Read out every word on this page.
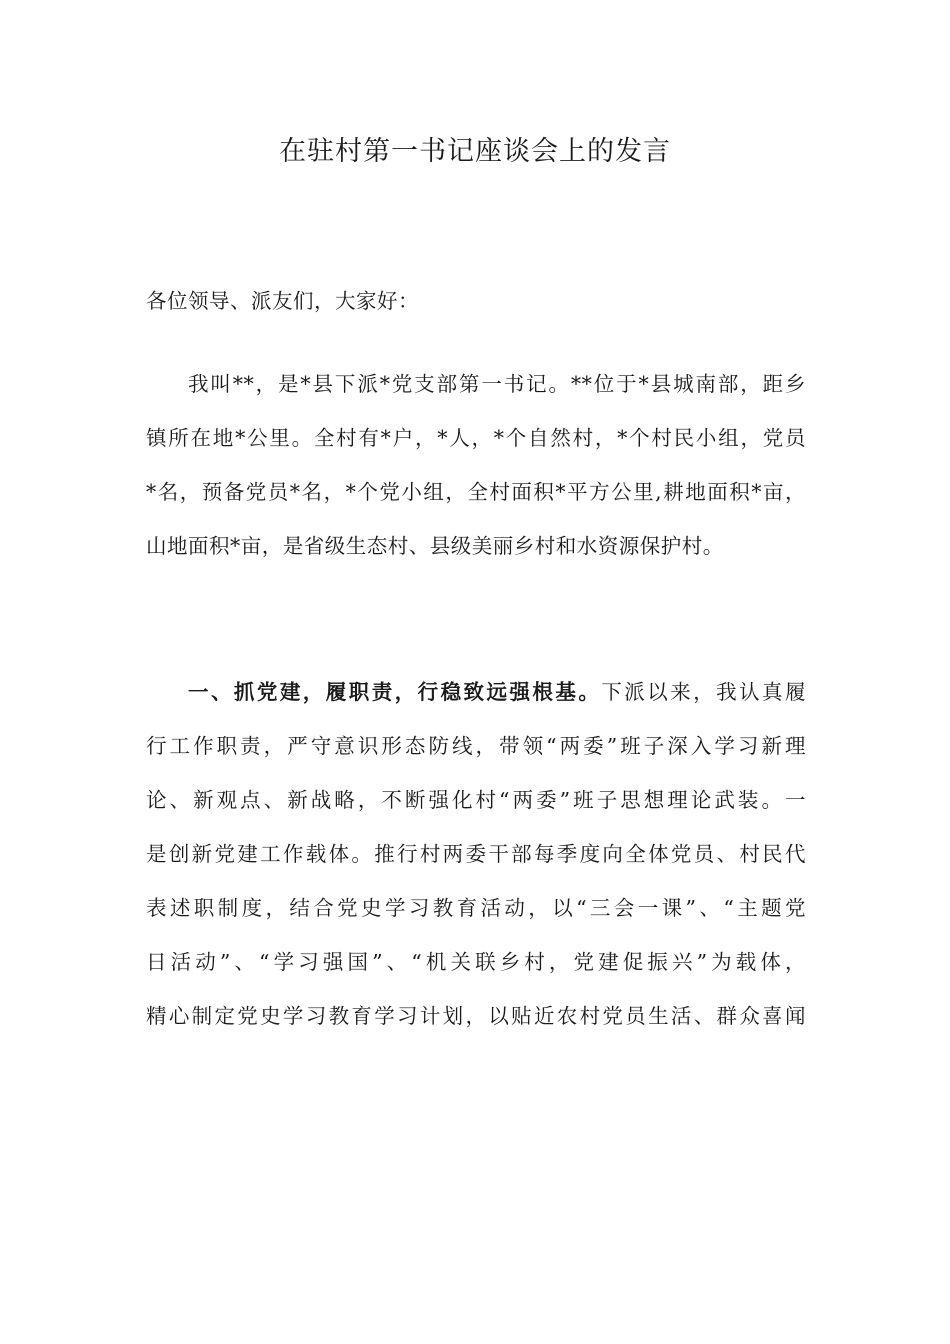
在驻村第一书记座谈会上的发言
各位领导、派友们，大家好：
我叫**，是*县下派*党支部第一书记。**位于*县城南部，距乡
镇所在地*公里。全村有*户，*人，*个自然村，*个村民小组，党员
*名，预备党员*名，*个党小组，全村面积*平方公里,耕地面积*亩，
山地面积*亩，是省级生态村、县级美丽乡村和水资源保护村。
一、抓党建，履职责，行稳致远强根基。下派以来，我认真履
行工作职责，严守意识形态防线，带领“两委”班子深入学习新理
论、新观点、新战略，不断强化村“两委”班子思想理论武装。一
是创新党建工作载体。推行村两委干部每季度向全体党员、村民代
表述职制度，结合党史学习教育活动，以“三会一课”、“主题党
日活动”、“学习强国”、“机关联乡村，党建促振兴”为载体，
精心制定党史学习教育学习计划，以贴近农村党员生活、群众喜闻
